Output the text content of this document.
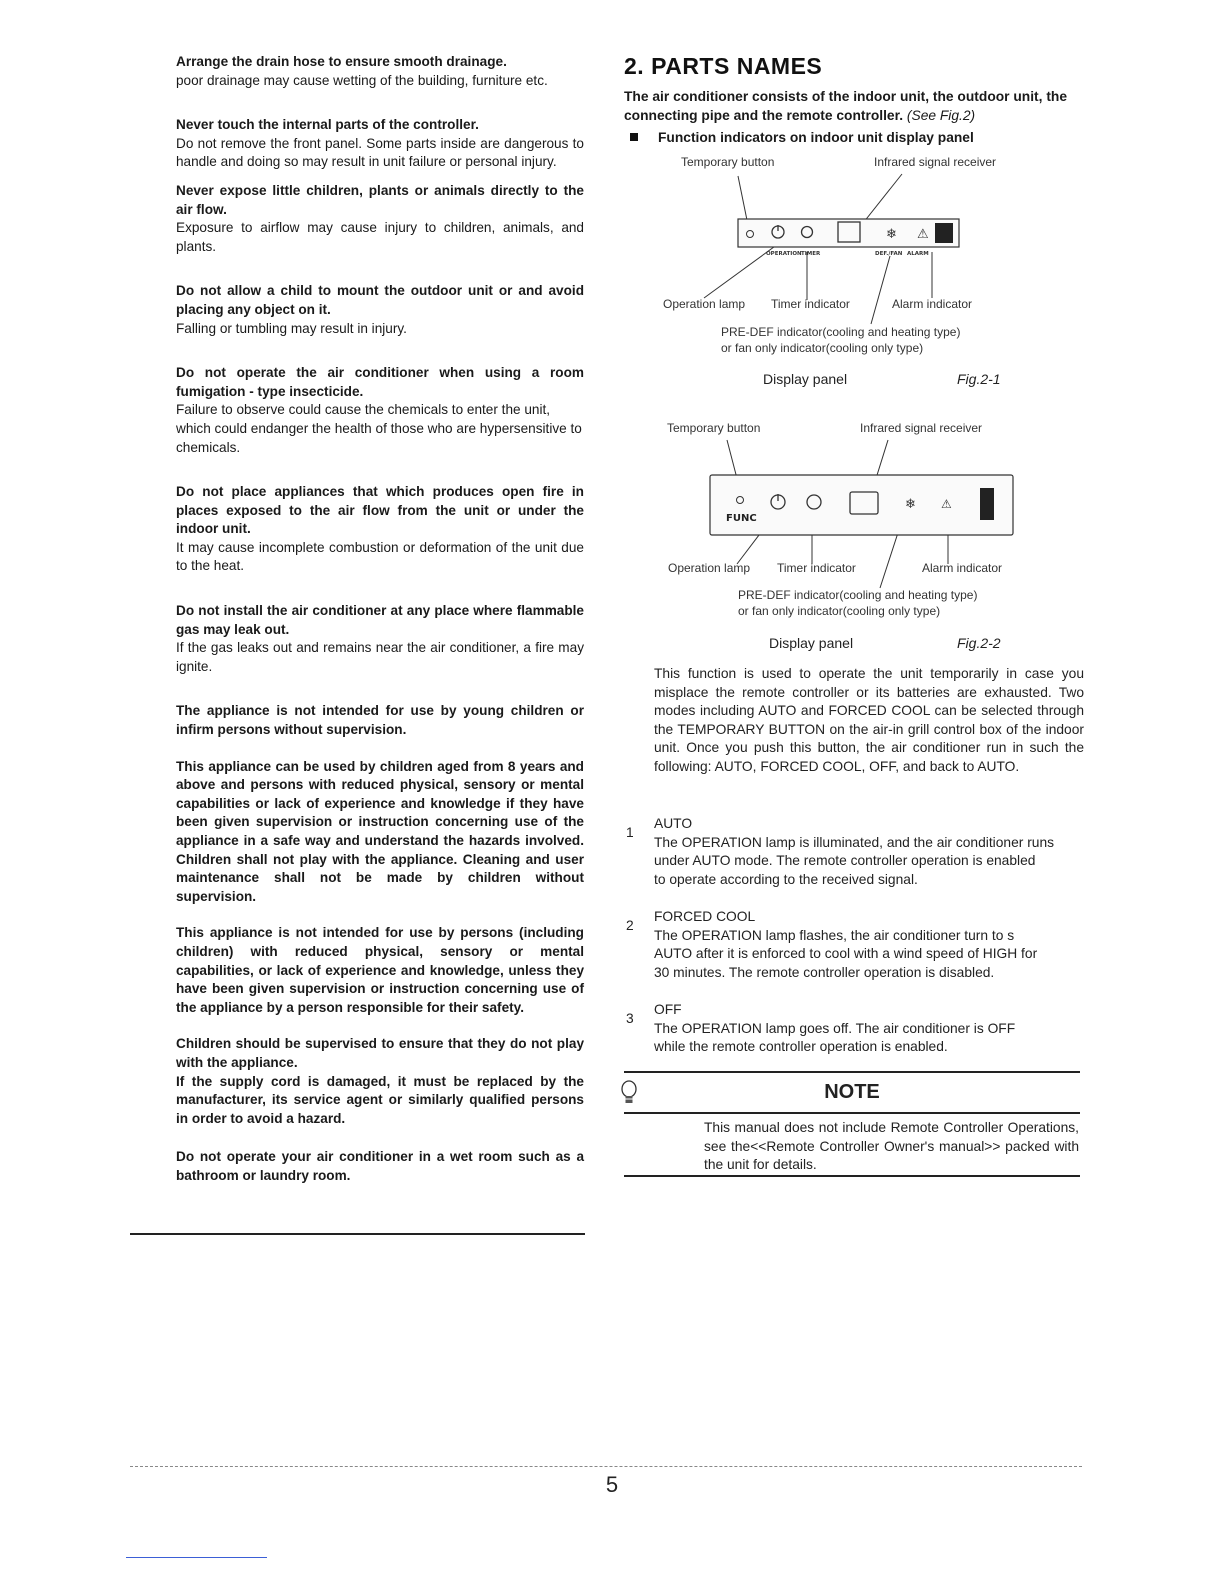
Arrange the drain hose to ensure smooth drainage.
poor drainage may cause wetting of the building, furniture etc.
Never touch the internal parts of the controller.
Do not remove the front panel. Some parts inside are dangerous to handle and doing so may result in unit failure or personal injury.
Never expose little children, plants or animals directly to the air flow.
Exposure to airflow may cause injury to children, animals, and plants.
Do not allow a child to mount the outdoor unit or and avoid placing any object on it.
Falling or tumbling may result in injury.
Do not operate the air conditioner when using a room fumigation - type insecticide.
Failure to observe could cause the chemicals to enter the unit, which could endanger the health of those who are hypersensitive to chemicals.
Do not place appliances that which produces open fire in places exposed to the air flow from the unit or under the indoor unit.
It may cause incomplete combustion or deformation of the unit due to the heat.
Do not install the air conditioner at any place where flammable gas may leak out.
If the gas leaks out and remains near the air conditioner, a fire may ignite.
The appliance is not intended for use by young children or infirm persons without supervision.
This appliance can be used by children aged from 8 years and above and persons with reduced physical, sensory or mental capabilities or lack of experience and knowledge if they have been given supervision or instruction concerning use of the appliance in a safe way and understand the hazards involved. Children shall not play with the appliance. Cleaning and user maintenance shall not be made by children without supervision.
This appliance is not intended for use by persons (including children) with reduced physical, sensory or mental capabilities, or lack of experience and knowledge, unless they have been given supervision or instruction concerning use of the appliance by a person responsible for their safety.
Children should be supervised to ensure that they do not play with the appliance.
If the supply cord is damaged, it must be replaced by the manufacturer, its service agent or similarly qualified persons in order to avoid a hazard.
Do not operate your air conditioner in a wet room such as a bathroom or laundry room.
2. PARTS NAMES
The air conditioner consists of the indoor unit, the outdoor unit, the connecting pipe and the remote controller. (See Fig.2)
Function indicators on indoor unit display panel
❄ ⚠
OPERATION TIMER	DEF./FAN ALARM
Temporary button	Infrared signal receiver
Operation lamp Timer indicator	Alarm indicator
PRE-DEF indicator(cooling and heating type)
or fan only indicator(cooling only type)
Display panel	Fig.2-1
❄ ⚠
FUNC
Temporary button	Infrared signal receiver
Operation lamp Timer indicator	Alarm indicator
PRE-DEF indicator(cooling and heating type)
or fan only indicator(cooling only type)
Display panel	Fig.2-2

This function is used to operate the unit temporarily in case you misplace the remote controller or its batteries are exhausted. Two modes including AUTO and FORCED COOL can be selected through the TEMPORARY BUTTON on the air-in grill control box of the indoor unit. Once you push this button, the air conditioner run in such the following: AUTO, FORCED COOL, OFF, and back to AUTO.

1
AUTO
The OPERATION lamp is illuminated, and the air conditioner runs
under AUTO mode. The remote controller operation is enabled
to operate according to the received signal.
2
FORCED COOL
The OPERATION lamp flashes, the air conditioner turn to s
AUTO after it is enforced to cool with a wind speed of HIGH for
30 minutes. The remote controller operation is disabled.
3
OFF
The OPERATION lamp goes off. The air conditioner is OFF
while the remote controller operation is enabled.
NOTE
This manual does not include Remote Controller Operations, see the<<Remote Controller Owner's manual>> packed with the unit for details.
5
